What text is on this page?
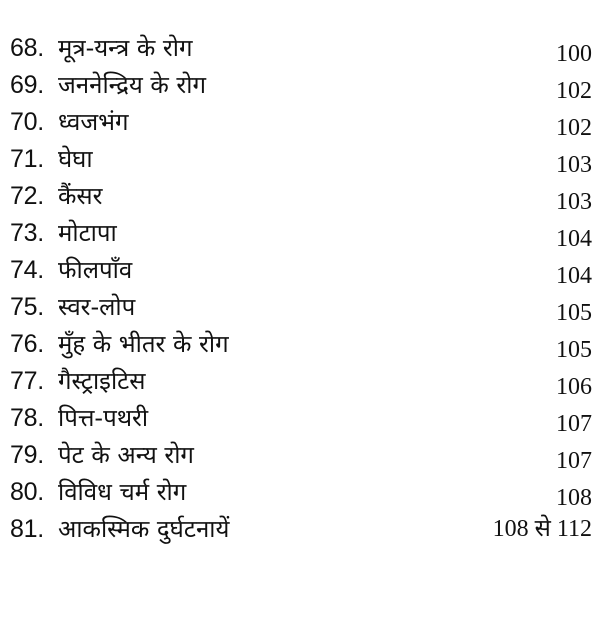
68. मूत्र-यन्त्र के रोग	100
69. जननेन्द्रिय के रोग	102
70. ध्वजभंग	102
71. घेघा	103
72. कैंसर	103
73. मोटापा	104
74. फीलपाँव	104
75. स्वर-लोप	105
76. मुँह के भीतर के रोग	105
77. गैस्ट्राइटिस	106
78. पित्त-पथरी	107
79. पेट के अन्य रोग	107
80. विविध चर्म रोग	108
81. आकस्मिक दुर्घटनायें	108 से 112
